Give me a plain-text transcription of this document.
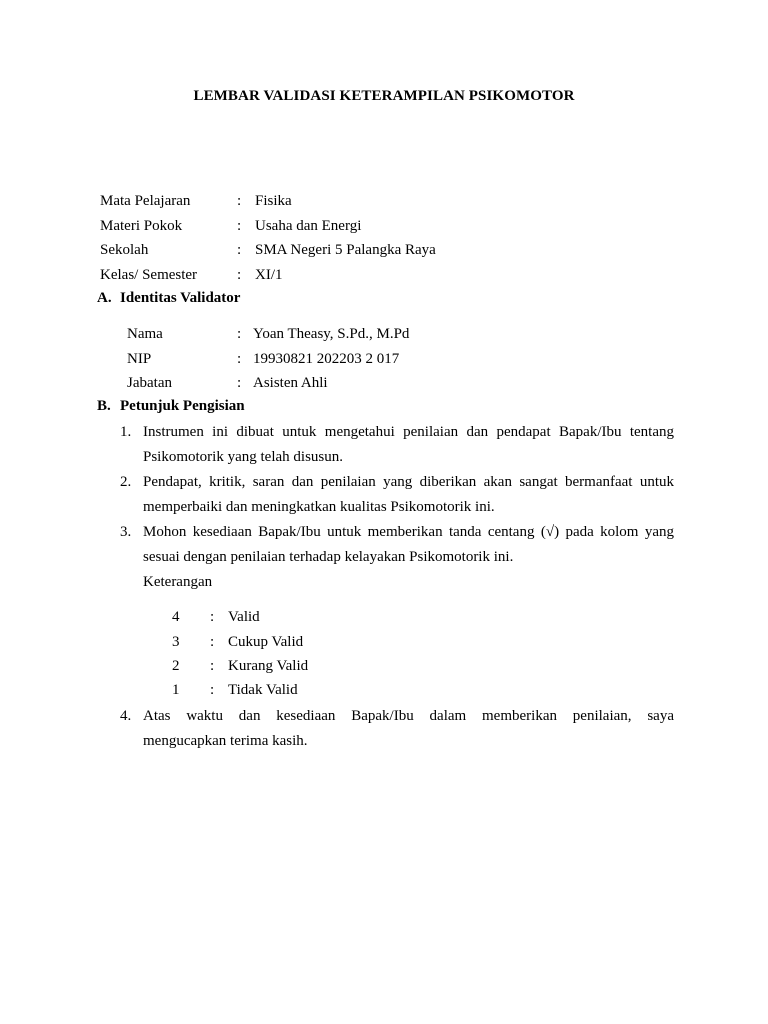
LEMBAR VALIDASI KETERAMPILAN PSIKOMOTOR
Mata Pelajaran	: Fisika
Materi Pokok	: Usaha dan Energi
Sekolah	: SMA Negeri 5 Palangka Raya
Kelas/ Semester	: XI/1
A. Identitas Validator
Nama	: Yoan Theasy, S.Pd., M.Pd
NIP	: 19930821 202203 2 017
Jabatan	: Asisten Ahli
B. Petunjuk Pengisian
1. Instrumen ini dibuat untuk mengetahui penilaian dan pendapat Bapak/Ibu tentang
Psikomotorik yang telah disusun.
2. Pendapat, kritik, saran dan penilaian yang diberikan akan sangat bermanfaat untuk
memperbaiki dan meningkatkan kualitas Psikomotorik ini.
3. Mohon kesediaan Bapak/Ibu untuk memberikan tanda centang (√) pada kolom yang
sesuai dengan penilaian terhadap kelayakan Psikomotorik ini.
Keterangan
4 : Valid
3 : Cukup Valid
2 : Kurang Valid
1 : Tidak Valid
4. Atas waktu dan kesediaan Bapak/Ibu dalam memberikan penilaian, saya
mengucapkan terima kasih.
